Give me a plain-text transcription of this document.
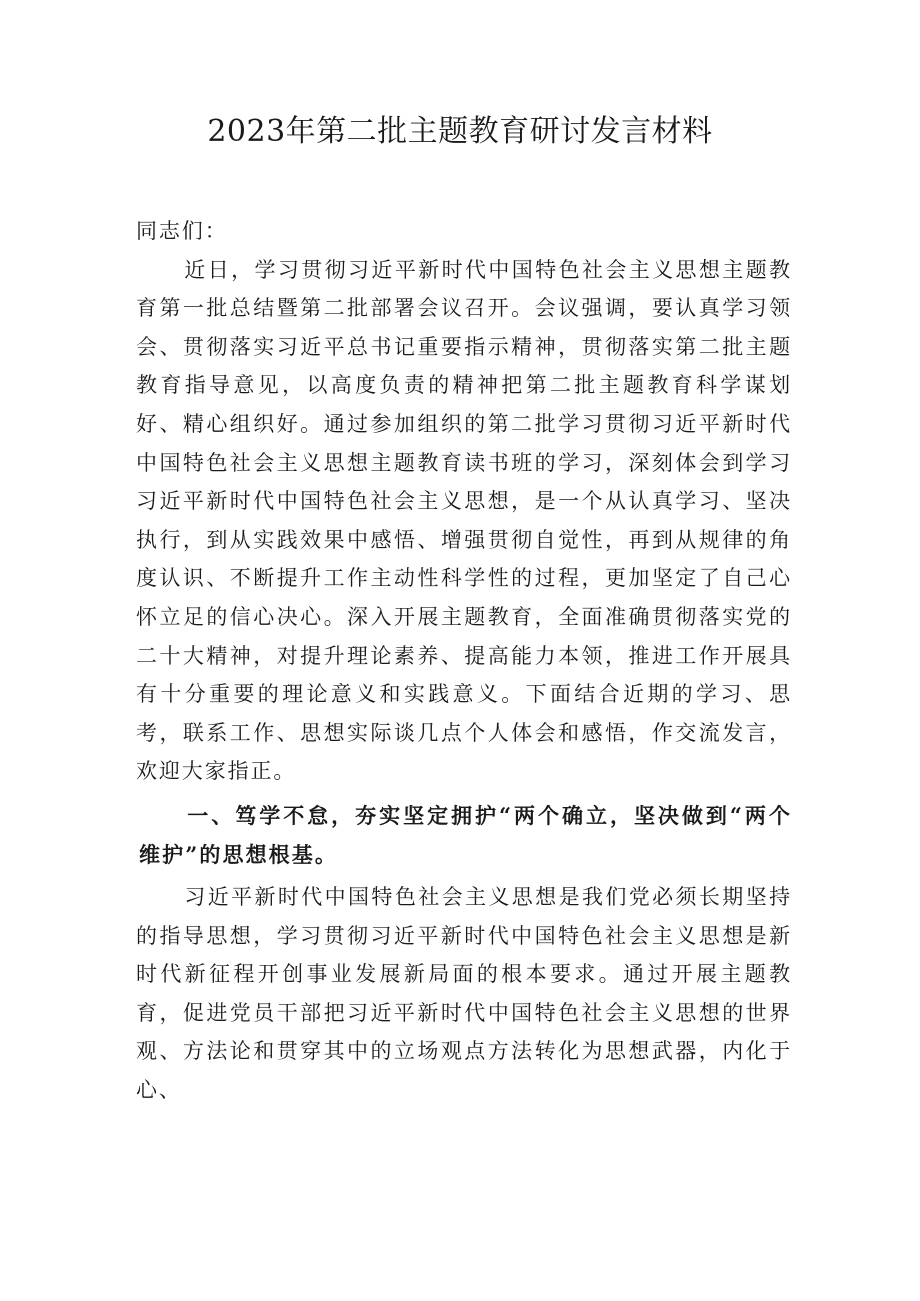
2023年第二批主题教育研讨发言材料

同志们：

近日，学习贯彻习近平新时代中国特色社会主义思想主题教育第一批总结暨第二批部署会议召开。会议强调，要认真学习领会、贯彻落实习近平总书记重要指示精神，贯彻落实第二批主题教育指导意见，以高度负责的精神把第二批主题教育科学谋划好、精心组织好。通过参加组织的第二批学习贯彻习近平新时代中国特色社会主义思想主题教育读书班的学习，深刻体会到学习习近平新时代中国特色社会主义思想，是一个从认真学习、坚决执行，到从实践效果中感悟、增强贯彻自觉性，再到从规律的角度认识、不断提升工作主动性科学性的过程，更加坚定了自己心怀立足的信心决心。深入开展主题教育，全面准确贯彻落实党的二十大精神，对提升理论素养、提高能力本领，推进工作开展具有十分重要的理论意义和实践意义。下面结合近期的学习、思考，联系工作、思想实际谈几点个人体会和感悟，作交流发言，欢迎大家指正。

一、笃学不怠，夯实坚定拥护“两个确立，坚决做到“两个维护”的思想根基。

习近平新时代中国特色社会主义思想是我们党必须长期坚持的指导思想，学习贯彻习近平新时代中国特色社会主义思想是新时代新征程开创事业发展新局面的根本要求。通过开展主题教育，促进党员干部把习近平新时代中国特色社会主义思想的世界观、方法论和贯穿其中的立场观点方法转化为思想武器，内化于心、
